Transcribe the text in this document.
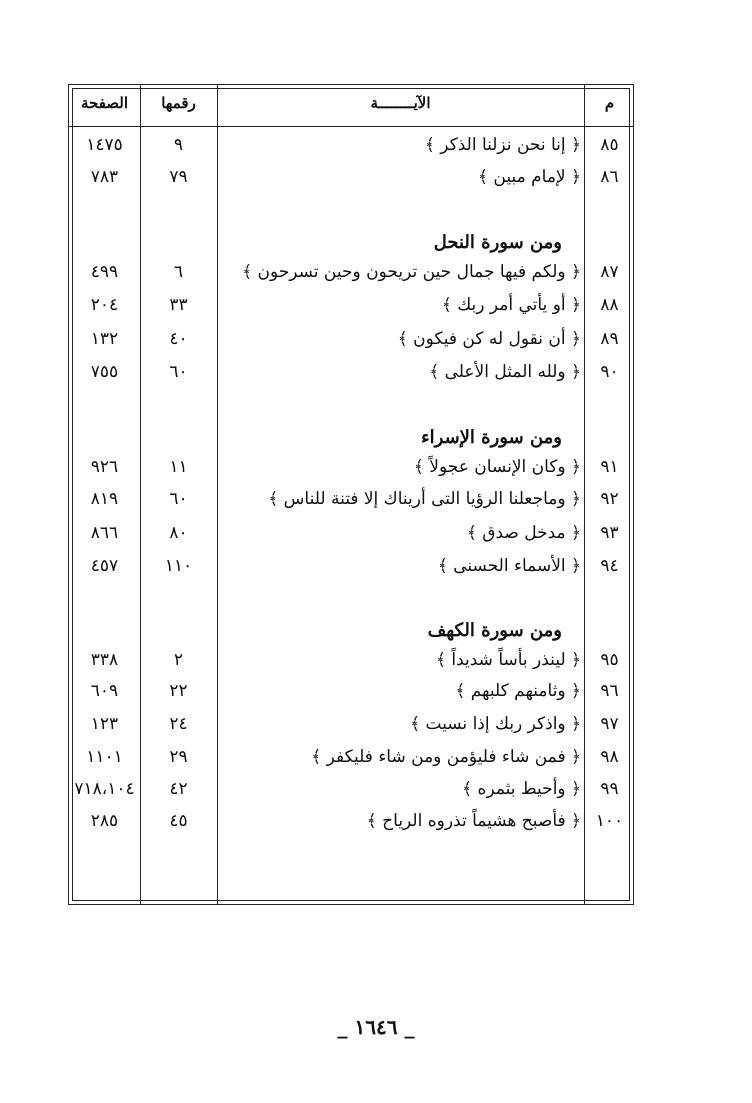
الصفحة	رقمها	الآيــــــــة	م
١٤٧٥	٩	﴿ إنا نحن نزلنا الذكر ﴾	٨٥
٧٨٣	٧٩	﴿ لإمام مبين ﴾	٨٦
ومن سورة النحل
٤٩٩	٦	﴿ ولكم فيها جمال حين تريحون وحين تسرحون ﴾	٨٧
٢٠٤	٣٣	﴿ أو يأتي أمر ربك ﴾	٨٨
١٣٢	٤٠	﴿ أن نقول له كن فيكون ﴾	٨٩
٧٥٥	٦٠	﴿ ولله المثل الأعلى ﴾	٩٠
ومن سورة الإسراء
٩٢٦	١١	﴿ وكان الإنسان عجولاً ﴾	٩١
٨١٩	٦٠	﴿ وماجعلنا الرؤيا التى أريناك إلا فتنة للناس ﴾	٩٢
٨٦٦	٨٠	﴿ مدخل صدق ﴾	٩٣
٤٥٧	١١٠	﴿ الأسماء الحسنى ﴾	٩٤
ومن سورة الكهف
٣٣٨	٢	﴿ لينذر بأساً شديداً ﴾	٩٥
٦٠٩	٢٢	﴿ وثامنهم كلبهم ﴾	٩٦
١٢٣	٢٤	﴿ واذكر ربك إذا نسيت ﴾	٩٧
١١٠١	٢٩	﴿ فمن شاء فليؤمن ومن شاء فليكفر ﴾	٩٨
٧١٨،١٠٤	٤٢	﴿ وأحيط بثمره ﴾	٩٩
٢٨٥	٤٥	﴿ فأصبح هشيماً تذروه الرياح ﴾ ١٠٠
_ ١٦٤٦ _
